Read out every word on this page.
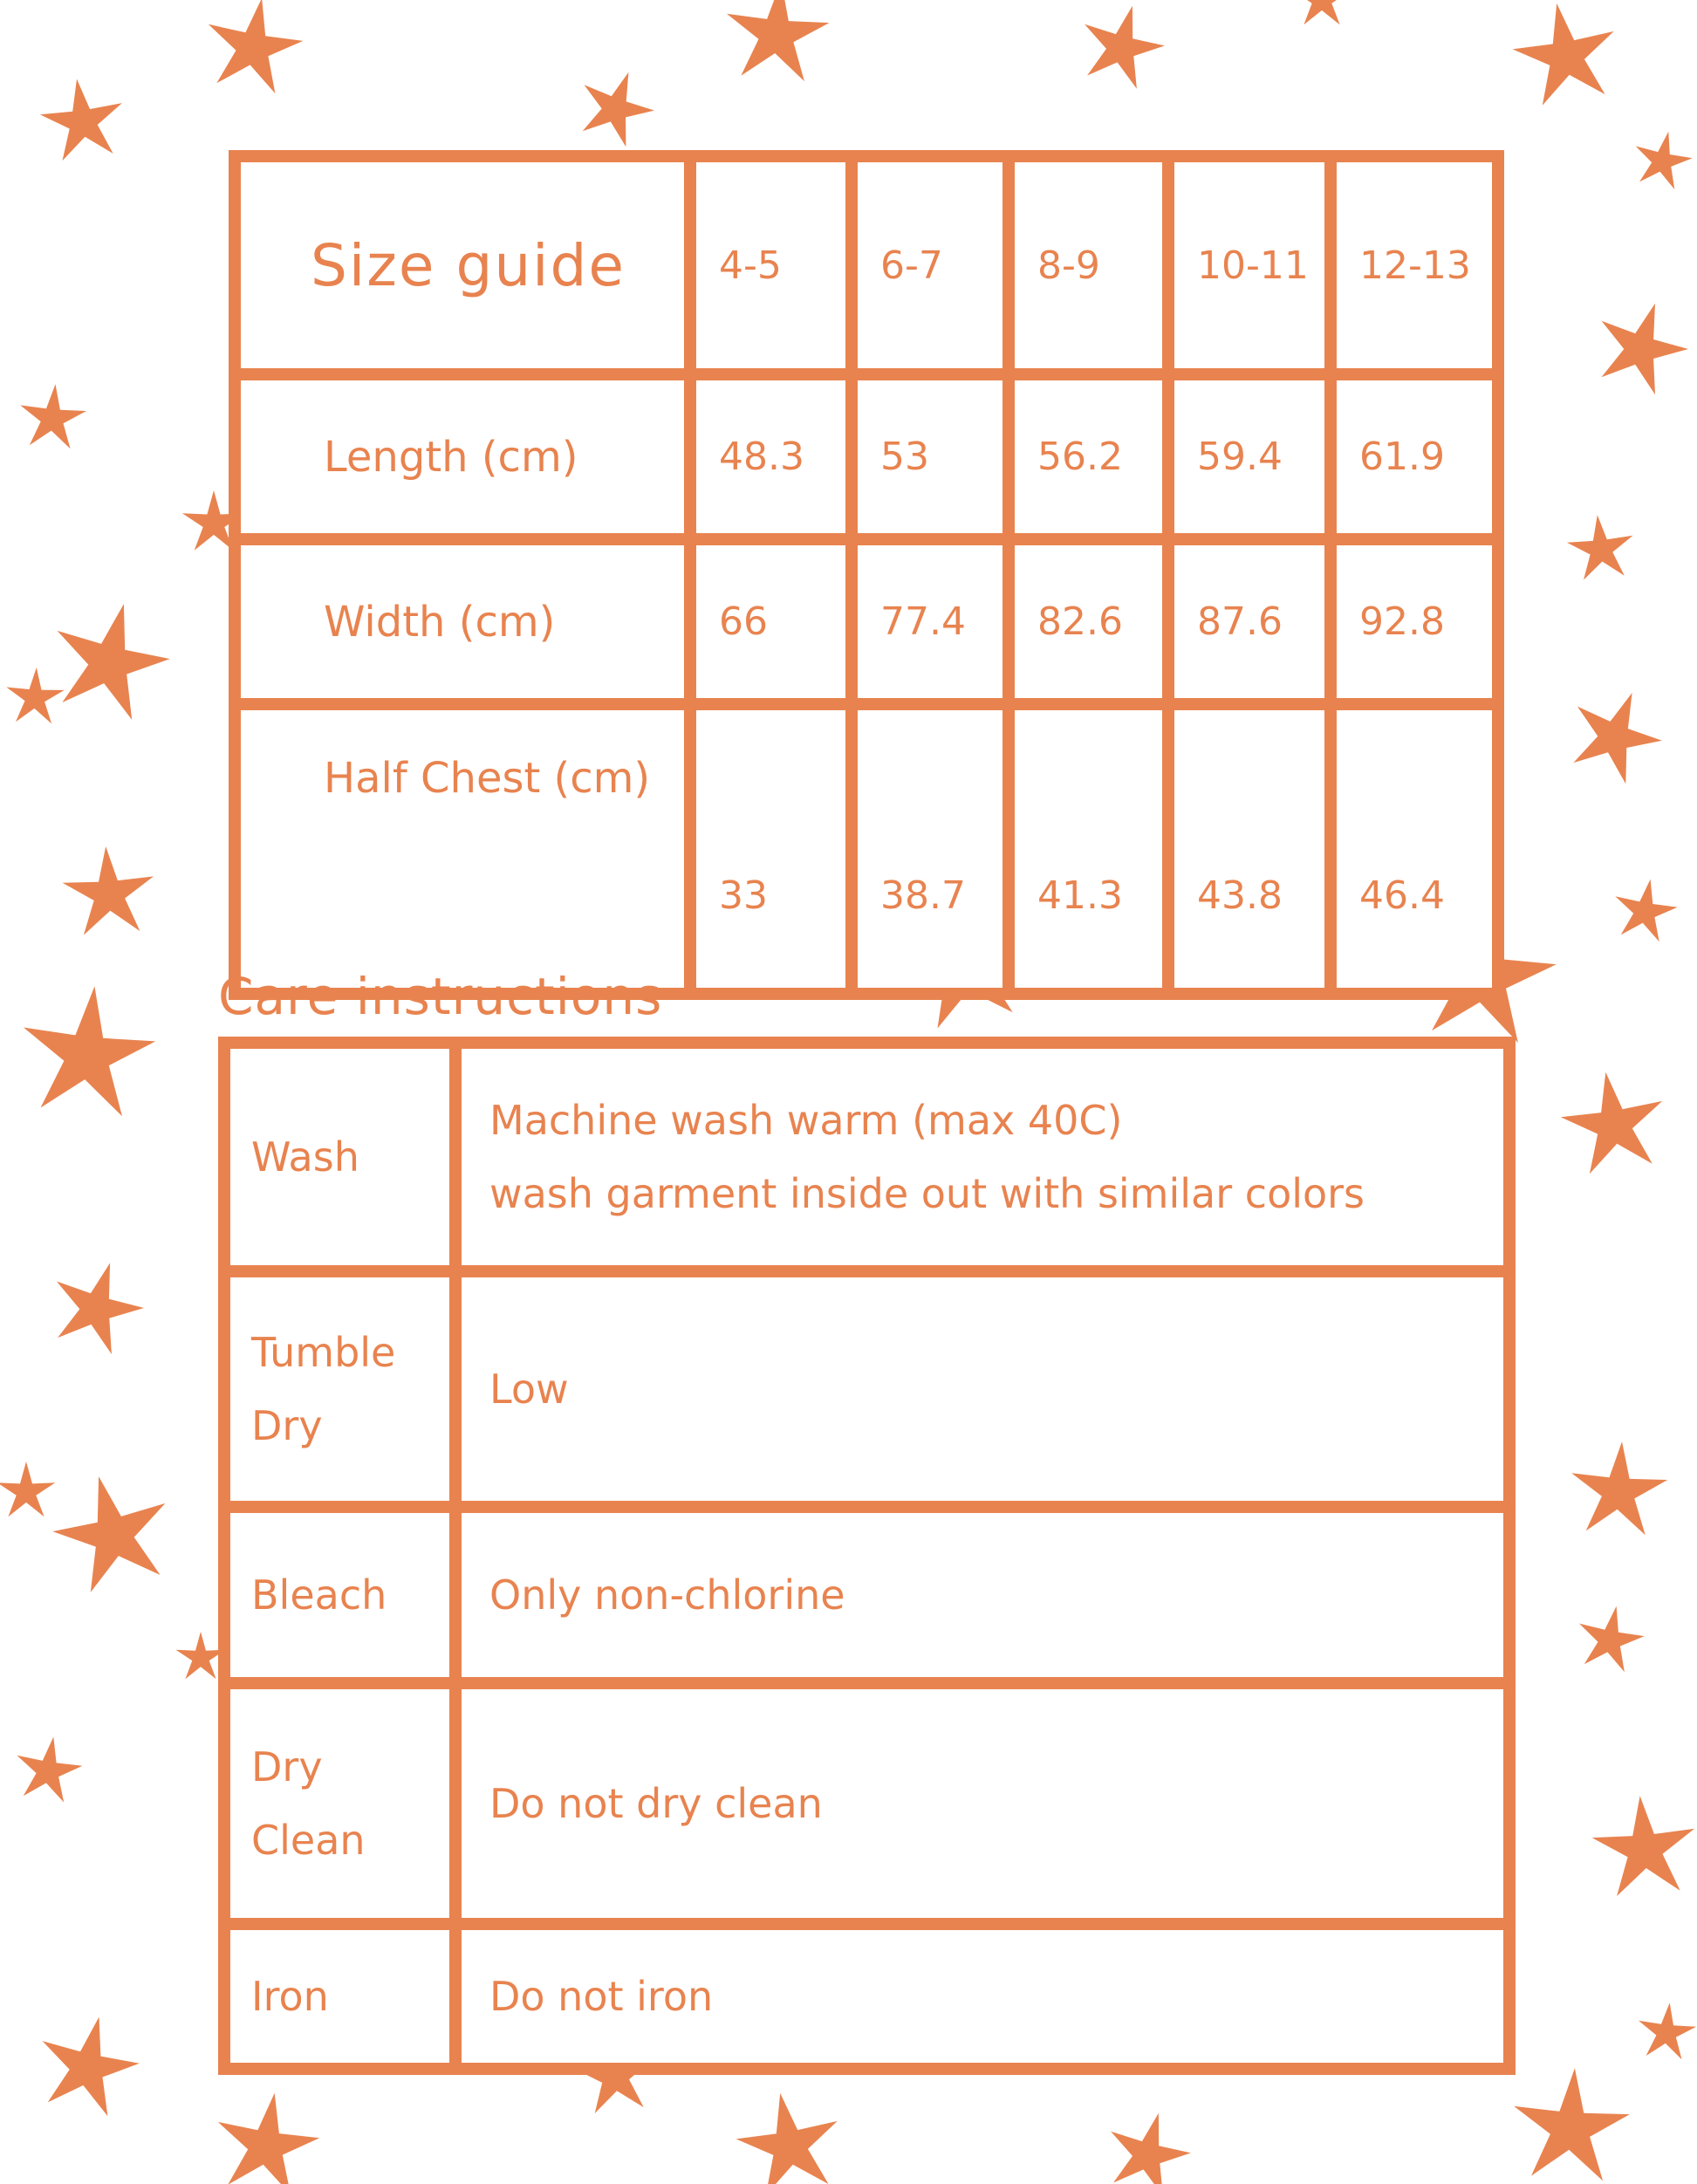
Size guide	4-5	6-7	8-9	10-11	12-13
Length (cm)	48.3	53	56.2	59.4	61.9
Width (cm)	66	77.4	82.6	87.6	92.8
Half Chest (cm)	33	38.7	41.3	43.8	46.4
Care instructions
Wash	Machine wash warm (max 40C)
wash garment inside out with similar colors

Tumble
Dry	Low

Bleach	Only non-chlorine

Dry
Clean	Do not dry clean

Iron	Do not iron
